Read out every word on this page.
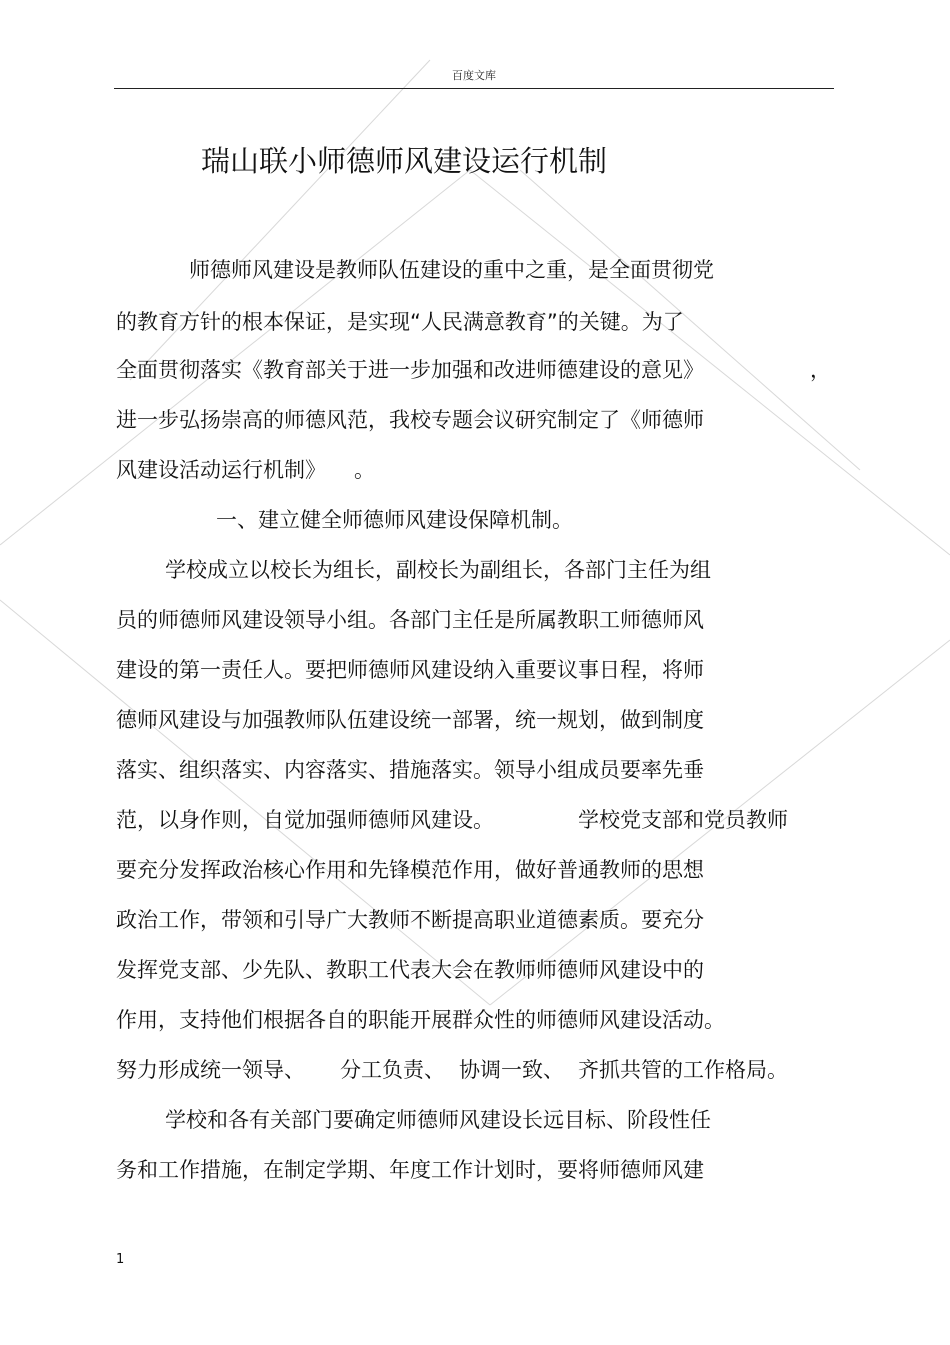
百度文库
瑞山联小师德师风建设运行机制
师德师风建设是教师队伍建设的重中之重，是全面贯彻党
的教育方针的根本保证，是实现“人民满意教育”的关键。为了
全面贯彻落实《教育部关于进一步加强和改进师德建设的意见》	，
进一步弘扬崇高的师德风范，我校专题会议研究制定了《师德师
风建设活动运行机制》 。
一、建立健全师德师风建设保障机制。
学校成立以校长为组长，副校长为副组长，各部门主任为组
员的师德师风建设领导小组。各部门主任是所属教职工师德师风
建设的第一责任人。要把师德师风建设纳入重要议事日程，将师
德师风建设与加强教师队伍建设统一部署，统一规划，做到制度
落实、组织落实、内容落实、措施落实。领导小组成员要率先垂
范，以身作则，自觉加强师德师风建设。	学校党支部和党员教师
要充分发挥政治核心作用和先锋模范作用，做好普通教师的思想
政治工作，带领和引导广大教师不断提高职业道德素质。要充分
发挥党支部、少先队、教职工代表大会在教师师德师风建设中的
作用，支持他们根据各自的职能开展群众性的师德师风建设活动。
努力形成统一领导、 分工负责、 协调一致、 齐抓共管的工作格局。
学校和各有关部门要确定师德师风建设长远目标、阶段性任
务和工作措施，在制定学期、年度工作计划时，要将师德师风建
1
